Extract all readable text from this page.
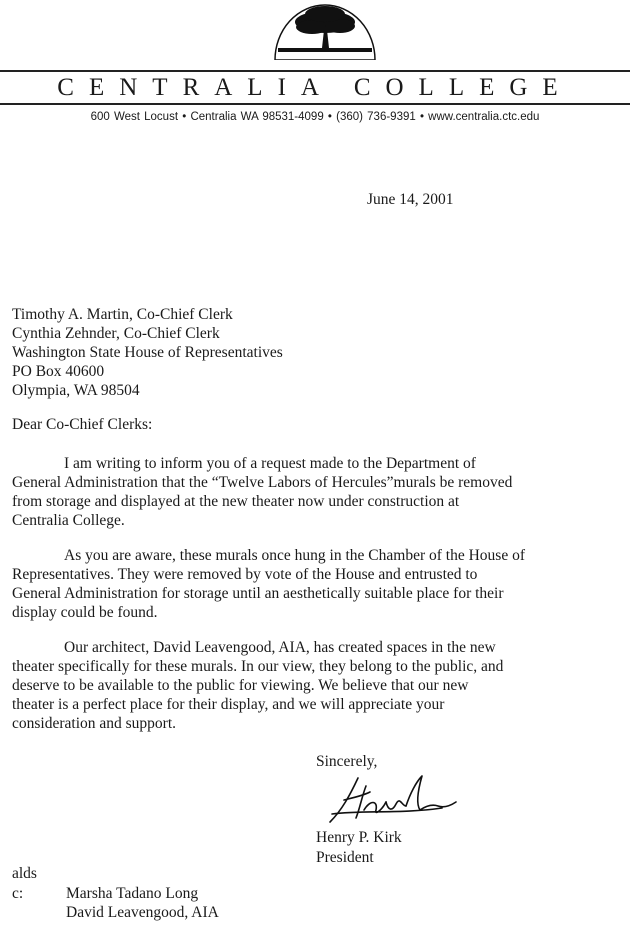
CENTRALIA COLLEGE
600 West Locust • Centralia WA 98531-4099 • (360) 736-9391 • www.centralia.ctc.edu
June 14, 2001
Timothy A. Martin, Co-Chief Clerk
Cynthia Zehnder, Co-Chief Clerk
Washington State House of Representatives
PO Box 40600
Olympia, WA 98504
Dear Co-Chief Clerks:
I am writing to inform you of a request made to the Department of
General Administration that the “Twelve Labors of Hercules”murals be removed
from storage and displayed at the new theater now under construction at
Centralia College.
As you are aware, these murals once hung in the Chamber of the House of
Representatives. They were removed by vote of the House and entrusted to
General Administration for storage until an aesthetically suitable place for their
display could be found.
Our architect, David Leavengood, AIA, has created spaces in the new
theater specifically for these murals. In our view, they belong to the public, and
deserve to be available to the public for viewing. We believe that our new
theater is a perfect place for their display, and we will appreciate your
consideration and support.
Sincerely,
Henry P. Kirk
President
alds
c:	Marsha Tadano Long
David Leavengood, AIA
